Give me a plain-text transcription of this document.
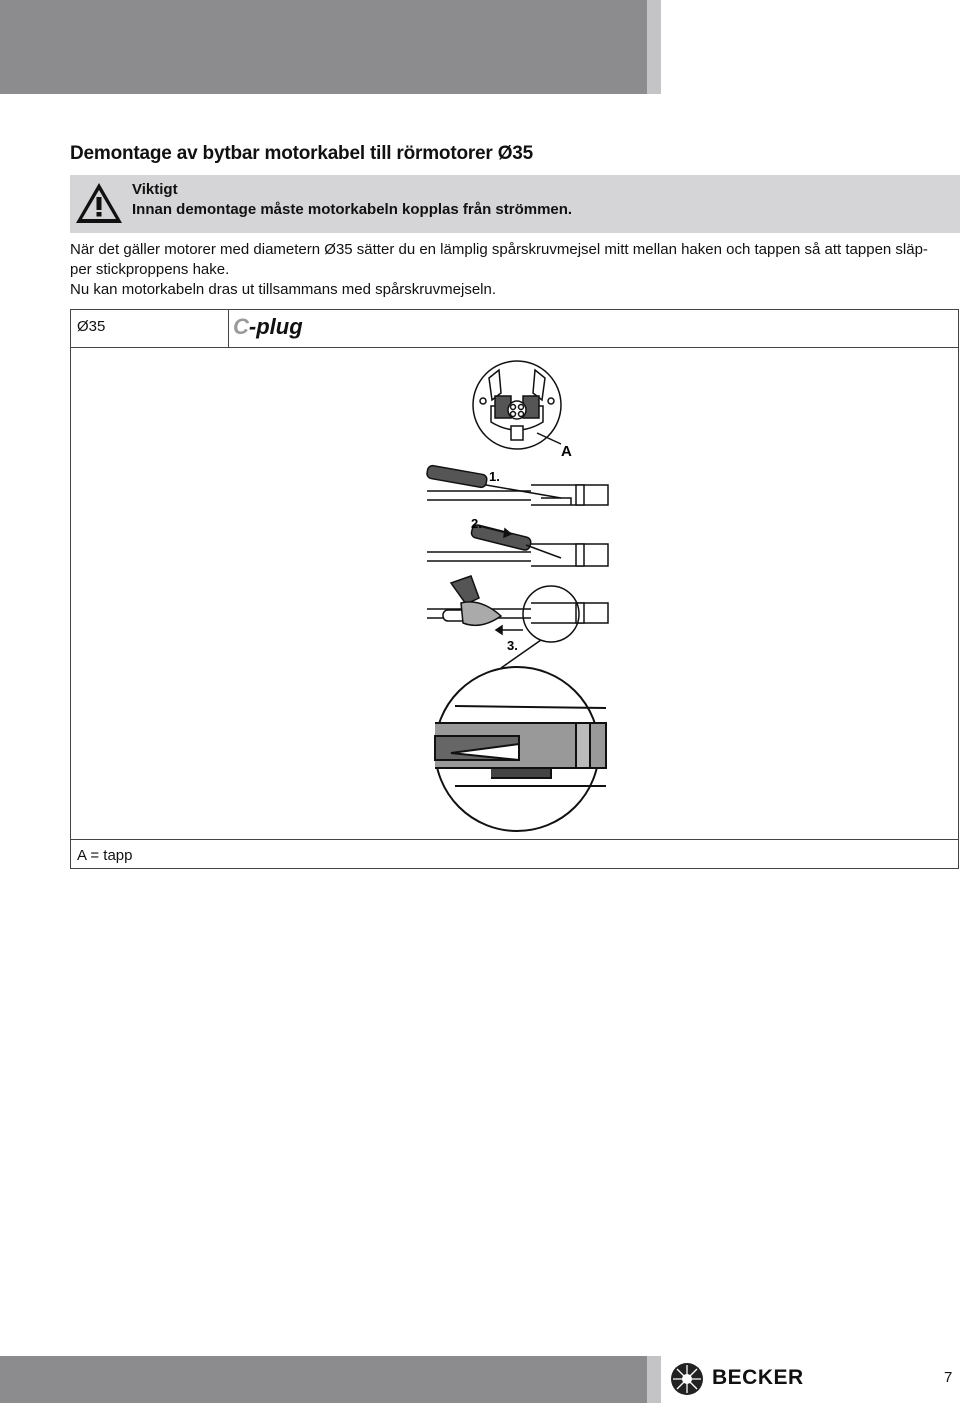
Demontage av bytbar motorkabel till rörmotorer Ø35
Viktigt
Innan demontage måste motorkabeln kopplas från strömmen.

När det gäller motorer med diametern Ø35 sätter du en lämplig spårskruvmejsel mitt mellan haken och tappen så att tappen släp-

per stickproppens hake.

Nu kan motorkabeln dras ut tillsammans med spårskruvmejseln.

Ø35	C-plug
A
1.
2.
3.
A = tapp
BECKER	7
